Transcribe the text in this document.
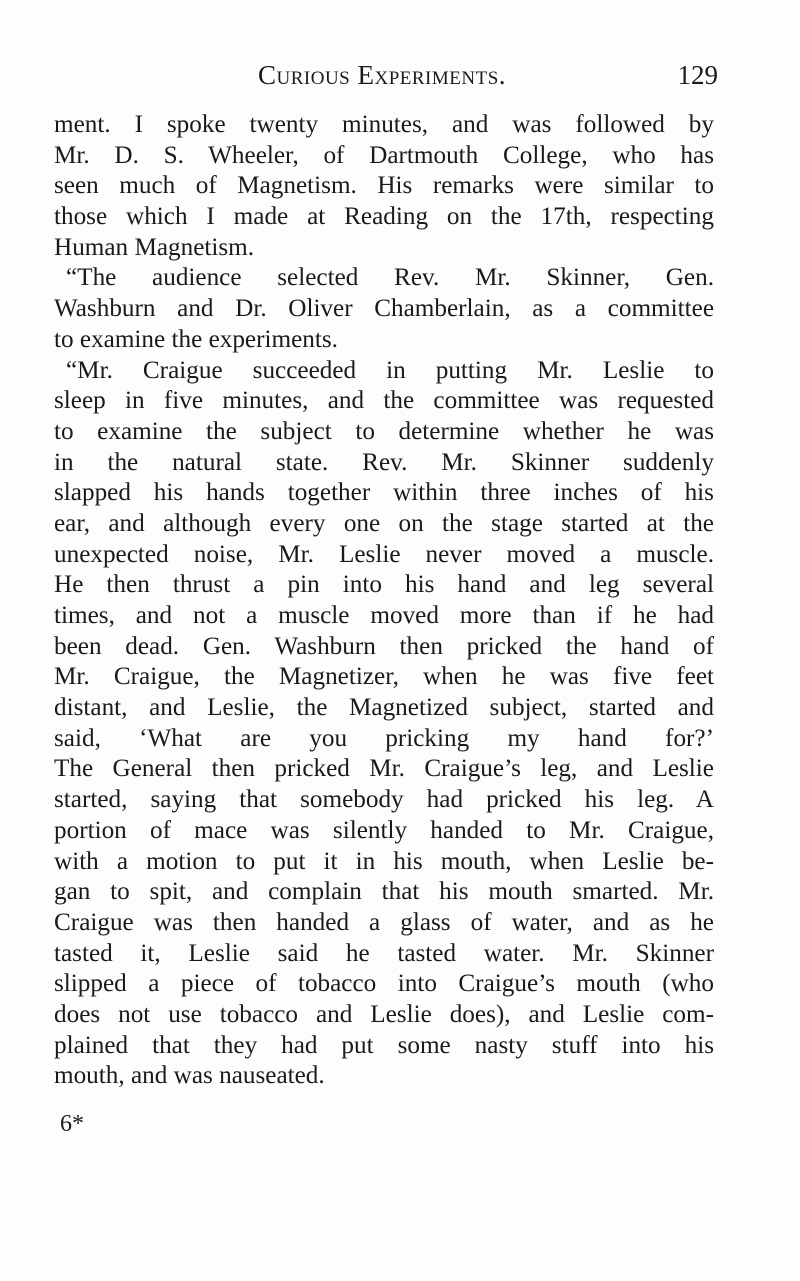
Curious Experiments.	129
ment. I spoke twenty minutes, and was followed by
Mr. D. S. Wheeler, of Dartmouth College, who has
seen much of Magnetism. His remarks were similar to
those which I made at Reading on the 17th, respecting
Human Magnetism.
“The audience selected Rev. Mr. Skinner, Gen.
Washburn and Dr. Oliver Chamberlain, as a committee
to examine the experiments.
“Mr. Craigue succeeded in putting Mr. Leslie to
sleep in five minutes, and the committee was requested
to examine the subject to determine whether he was
in the natural state. Rev. Mr. Skinner suddenly
slapped his hands together within three inches of his
ear, and although every one on the stage started at the
unexpected noise, Mr. Leslie never moved a muscle.
He then thrust a pin into his hand and leg several
times, and not a muscle moved more than if he had
been dead. Gen. Washburn then pricked the hand of
Mr. Craigue, the Magnetizer, when he was five feet
distant, and Leslie, the Magnetized subject, started and
said, ‘What are you pricking my hand for?’
The General then pricked Mr. Craigue’s leg, and Leslie
started, saying that somebody had pricked his leg. A
portion of mace was silently handed to Mr. Craigue,
with a motion to put it in his mouth, when Leslie be-
gan to spit, and complain that his mouth smarted. Mr.
Craigue was then handed a glass of water, and as he
tasted it, Leslie said he tasted water. Mr. Skinner
slipped a piece of tobacco into Craigue’s mouth (who
does not use tobacco and Leslie does), and Leslie com-
plained that they had put some nasty stuff into his
mouth, and was nauseated.
6*
